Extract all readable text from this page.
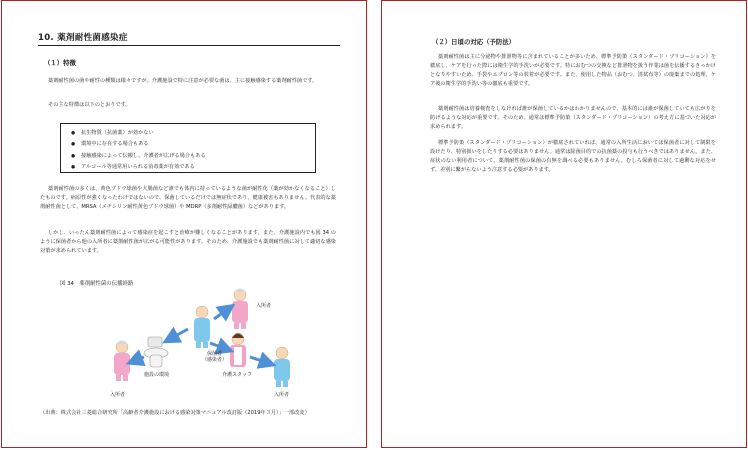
10. 薬剤耐性菌感染症
（１）特徴

薬剤耐性菌の菌や耐性の種類は様々ですが、介護施設で特に注意が必要な菌は、主に接触感染する薬剤耐性菌です。

その主な特徴は以下のとおりです。

● 抗生物質（抗菌薬）が効かない
● 環境中に存在する場合もある
● 接触感染によって伝搬し、介護者が広げる場合もある
● アルコール等通常用いられる消毒薬が有効である

薬剤耐性菌の多くは、黄色ブドウ球菌や大腸菌など誰でも体内に持っているような菌が耐性化（薬が効かなくなること）したものです。病原性が強くなったわけではないので、保菌しているだけでは無症状であり、健康被害もありません。代表的な薬剤耐性菌として、MRSA（メチシリン耐性黄色ブドウ球菌）や MDRP（多剤耐性緑膿菌）などがあります。

しかし、いったん薬剤耐性菌によって感染症を起こすと治療が難しくなることがあります。また、介護施設内でも図 34 のように保菌者から他の入所者に薬剤耐性菌が広がる可能性があります。そのため、介護施設でも薬剤耐性菌に対して適切な感染対策が求められています。

図 34　薬剤耐性菌の伝播経路
入所者
保菌者
（感染者）
施設の環境	介護スタッフ
入所者	入所者
（出典：株式会社三菱総合研究所「高齢者介護施設における感染対策マニュアル改訂版（2019年３月）」一部改変）
（２）日頃の対応（予防法）

薬剤耐性菌は主に分泌物や排泄物等に含まれていることが多いため、標準予防策（スタンダード・プリコーション）を徹底し、ケアを行った際には衛生学的手洗いが必要です。特におむつの交換など排泄物を扱う作業は菌を伝播するきっかけとなりやすいため、手袋やエプロン等の装着が必要です。また、使用した物品（おむつ、清拭布等）の廃棄までの処理、ケア後の衛生学的手洗い等の徹底も重要です。

薬剤耐性菌は培養検査をしなければ誰が保菌しているかはわかりませんので、基本的には誰が保菌していても広がりを防げるような対応が重要です。そのため、通常は標準予防策（スタンダード・プリコーション）の考え方に基づいた対応が求められます。

標準予防策（スタンダード・プリコーション）が徹底されていれば、通常の入所生活においては保菌者に対して制限を設けたり、特別扱いをしたりする必要はありません。通常は除菌目的での抗菌薬の投与も行うべきではありません。また、症状のない利用者について、薬剤耐性菌の保菌の有無を調べる必要もありません。むしろ保菌者に対して過剰な対応をせず、差別に繋がらないよう注意する必要があります。
